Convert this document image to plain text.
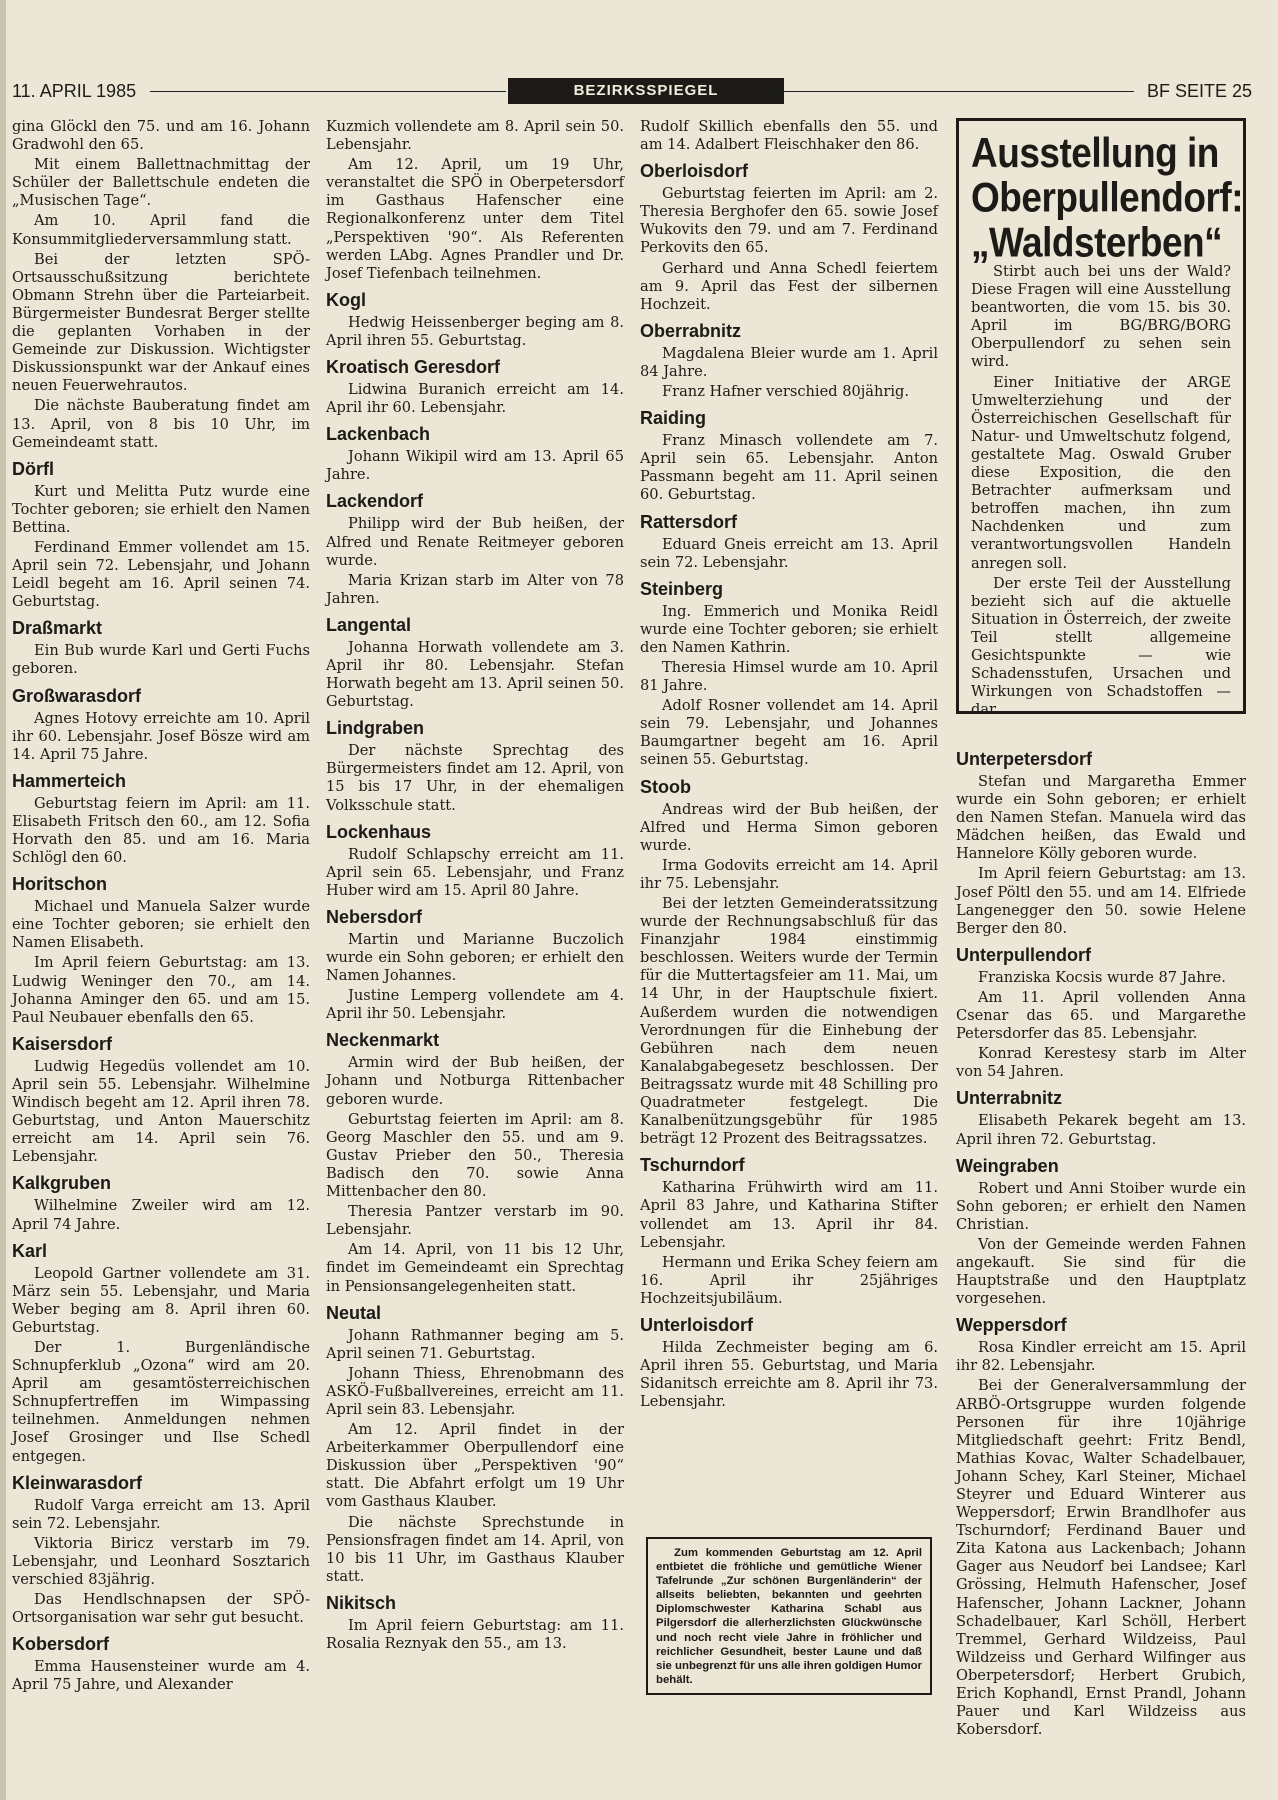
11. APRIL 1985	BEZIRKSSPIEGEL	BF SEITE 25

gina Glöckl den 75. und am 16. Johann Gradwohl den 65.

Mit einem Ballettnachmittag der Schüler der Ballettschule endeten die „Musischen Tage“.

Am 10. April fand die Konsummitgliederversammlung statt.

Bei der letzten SPÖ-Ortsausschußsitzung berichtete Obmann Strehn über die Parteiarbeit. Bürgermeister Bundesrat Berger stellte die geplanten Vorhaben in der Gemeinde zur Diskussion. Wichtigster Diskussionspunkt war der Ankauf eines neuen Feuerwehrautos.

Die nächste Bauberatung findet am 13. April, von 8 bis 10 Uhr, im Gemeindeamt statt.

Dörfl

Kurt und Melitta Putz wurde eine Tochter geboren; sie erhielt den Namen Bettina.

Ferdinand Emmer vollendet am 15. April sein 72. Lebensjahr, und Johann Leidl begeht am 16. April seinen 74. Geburtstag.

Draßmarkt

Ein Bub wurde Karl und Gerti Fuchs geboren.

Großwarasdorf

Agnes Hotovy erreichte am 10. April ihr 60. Lebensjahr. Josef Bösze wird am 14. April 75 Jahre.

Hammerteich

Geburtstag feiern im April: am 11. Elisabeth Fritsch den 60., am 12. Sofia Horvath den 85. und am 16. Maria Schlögl den 60.

Horitschon

Michael und Manuela Salzer wurde eine Tochter geboren; sie erhielt den Namen Elisabeth.

Im April feiern Geburtstag: am 13. Ludwig Weninger den 70., am 14. Johanna Aminger den 65. und am 15. Paul Neubauer ebenfalls den 65.

Kaisersdorf

Ludwig Hegedüs vollendet am 10. April sein 55. Lebensjahr. Wilhelmine Windisch begeht am 12. April ihren 78. Geburtstag, und Anton Mauerschitz erreicht am 14. April sein 76. Lebensjahr.

Kalkgruben

Wilhelmine Zweiler wird am 12. April 74 Jahre.

Karl

Leopold Gartner vollendete am 31. März sein 55. Lebensjahr, und Maria Weber beging am 8. April ihren 60. Geburtstag.

Der 1. Burgenländische Schnupferklub „Ozona“ wird am 20. April am gesamtösterreichischen Schnupfertreffen im Wimpassing teilnehmen. Anmeldungen nehmen Josef Grosinger und Ilse Schedl entgegen.

Kleinwarasdorf

Rudolf Varga erreicht am 13. April sein 72. Lebensjahr.

Viktoria Biricz verstarb im 79. Lebensjahr, und Leonhard Sosztarich verschied 83jährig.

Das Hendlschnapsen der SPÖ-Ortsorganisation war sehr gut besucht.

Kobersdorf

Emma Hausensteiner wurde am 4. April 75 Jahre, und Alexander

Kuzmich vollendete am 8. April sein 50. Lebensjahr.

Am 12. April, um 19 Uhr, veranstaltet die SPÖ in Oberpetersdorf im Gasthaus Hafenscher eine Regionalkonferenz unter dem Titel „Perspektiven '90“. Als Referenten werden LAbg. Agnes Prandler und Dr. Josef Tiefenbach teilnehmen.

Kogl

Hedwig Heissenberger beging am 8. April ihren 55. Geburtstag.

Kroatisch Geresdorf

Lidwina Buranich erreicht am 14. April ihr 60. Lebensjahr.

Lackenbach

Johann Wikipil wird am 13. April 65 Jahre.

Lackendorf

Philipp wird der Bub heißen, der Alfred und Renate Reitmeyer geboren wurde.

Maria Krizan starb im Alter von 78 Jahren.

Langental

Johanna Horwath vollendete am 3. April ihr 80. Lebensjahr. Stefan Horwath begeht am 13. April seinen 50. Geburtstag.

Lindgraben

Der nächste Sprechtag des Bürgermeisters findet am 12. April, von 15 bis 17 Uhr, in der ehemaligen Volksschule statt.

Lockenhaus

Rudolf Schlapschy erreicht am 11. April sein 65. Lebensjahr, und Franz Huber wird am 15. April 80 Jahre.

Nebersdorf

Martin und Marianne Buczolich wurde ein Sohn geboren; er erhielt den Namen Johannes.

Justine Lemperg vollendete am 4. April ihr 50. Lebensjahr.

Neckenmarkt

Armin wird der Bub heißen, der Johann und Notburga Rittenbacher geboren wurde.

Geburtstag feierten im April: am 8. Georg Maschler den 55. und am 9. Gustav Prieber den 50., Theresia Badisch den 70. sowie Anna Mittenbacher den 80.

Theresia Pantzer verstarb im 90. Lebensjahr.

Am 14. April, von 11 bis 12 Uhr, findet im Gemeindeamt ein Sprechtag in Pensionsangelegenheiten statt.

Neutal

Johann Rathmanner beging am 5. April seinen 71. Geburtstag.

Johann Thiess, Ehrenobmann des ASKÖ-Fußballvereines, erreicht am 11. April sein 83. Lebensjahr.

Am 12. April findet in der Arbeiterkammer Oberpullendorf eine Diskussion über „Perspektiven '90“ statt. Die Abfahrt erfolgt um 19 Uhr vom Gasthaus Klauber.

Die nächste Sprechstunde in Pensionsfragen findet am 14. April, von 10 bis 11 Uhr, im Gasthaus Klauber statt.

Nikitsch

Im April feiern Geburtstag: am 11. Rosalia Reznyak den 55., am 13.

Rudolf Skillich ebenfalls den 55. und am 14. Adalbert Fleischhaker den 86.

Oberloisdorf

Geburtstag feierten im April: am 2. Theresia Berghofer den 65. sowie Josef Wukovits den 79. und am 7. Ferdinand Perkovits den 65.

Gerhard und Anna Schedl feiertem am 9. April das Fest der silbernen Hochzeit.

Oberrabnitz

Magdalena Bleier wurde am 1. April 84 Jahre.

Franz Hafner verschied 80jährig.

Raiding

Franz Minasch vollendete am 7. April sein 65. Lebensjahr. Anton Passmann begeht am 11. April seinen 60. Geburtstag.

Rattersdorf

Eduard Gneis erreicht am 13. April sein 72. Lebensjahr.

Steinberg

Ing. Emmerich und Monika Reidl wurde eine Tochter geboren; sie erhielt den Namen Kathrin.

Theresia Himsel wurde am 10. April 81 Jahre.

Adolf Rosner vollendet am 14. April sein 79. Lebensjahr, und Johannes Baumgartner begeht am 16. April seinen 55. Geburtstag.

Stoob

Andreas wird der Bub heißen, der Alfred und Herma Simon geboren wurde.

Irma Godovits erreicht am 14. April ihr 75. Lebensjahr.

Bei der letzten Gemeinderatssitzung wurde der Rechnungsabschluß für das Finanzjahr 1984 einstimmig beschlossen. Weiters wurde der Termin für die Muttertagsfeier am 11. Mai, um 14 Uhr, in der Hauptschule fixiert. Außerdem wurden die notwendigen Verordnungen für die Einhebung der Gebühren nach dem neuen Kanalabgabegesetz beschlossen. Der Beitragssatz wurde mit 48 Schilling pro Quadratmeter festgelegt. Die Kanalbenützungsgebühr für 1985 beträgt 12 Prozent des Beitragssatzes.

Tschurndorf

Katharina Frühwirth wird am 11. April 83 Jahre, und Katharina Stifter vollendet am 13. April ihr 84. Lebensjahr.

Hermann und Erika Schey feiern am 16. April ihr 25jähriges Hochzeitsjubiläum.

Unterloisdorf

Hilda Zechmeister beging am 6. April ihren 55. Geburtstag, und Maria Sidanitsch erreichte am 8. April ihr 73. Lebensjahr.

Zum kommenden Geburtstag am 12. April entbietet die fröhliche und gemütliche Wiener Tafelrunde „Zur schönen Burgenländerin“ der allseits beliebten, bekannten und geehrten Diplomschwester Katharina Schabl aus Pilgersdorf die allerherzlichsten Glückwünsche und noch recht viele Jahre in fröhlicher und reichlicher Gesundheit, bester Laune und daß sie unbegrenzt für uns alle ihren goldigen Humor behält.
Ausstellung in
Oberpullendorf:
„Waldsterben“

Stirbt auch bei uns der Wald? Diese Fragen will eine Ausstellung beantworten, die vom 15. bis 30. April im BG/BRG/BORG Oberpullendorf zu sehen sein wird.

Einer Initiative der ARGE Umwelterziehung und der Österreichischen Gesellschaft für Natur- und Umweltschutz folgend, gestaltete Mag. Oswald Gruber diese Exposition, die den Betrachter aufmerksam und betroffen machen, ihn zum Nachdenken und zum verantwortungsvollen Handeln anregen soll.

Der erste Teil der Ausstellung bezieht sich auf die aktuelle Situation in Österreich, der zweite Teil stellt allgemeine Gesichtspunkte — wie Schadensstufen, Ursachen und Wirkungen von Schadstoffen — dar.

Unterpetersdorf

Stefan und Margaretha Emmer wurde ein Sohn geboren; er erhielt den Namen Stefan. Manuela wird das Mädchen heißen, das Ewald und Hannelore Kölly geboren wurde.

Im April feiern Geburtstag: am 13. Josef Pöltl den 55. und am 14. Elfriede Langenegger den 50. sowie Helene Berger den 80.

Unterpullendorf

Franziska Kocsis wurde 87 Jahre.

Am 11. April vollenden Anna Csenar das 65. und Margarethe Petersdorfer das 85. Lebensjahr.

Konrad Kerestesy starb im Alter von 54 Jahren.

Unterrabnitz

Elisabeth Pekarek begeht am 13. April ihren 72. Geburtstag.

Weingraben

Robert und Anni Stoiber wurde ein Sohn geboren; er erhielt den Namen Christian.

Von der Gemeinde werden Fahnen angekauft. Sie sind für die Hauptstraße und den Hauptplatz vorgesehen.

Weppersdorf

Rosa Kindler erreicht am 15. April ihr 82. Lebensjahr.

Bei der Generalversammlung der ARBÖ-Ortsgruppe wurden folgende Personen für ihre 10jährige Mitgliedschaft geehrt: Fritz Bendl, Mathias Kovac, Walter Schadelbauer, Johann Schey, Karl Steiner, Michael Steyrer und Eduard Winterer aus Weppersdorf; Erwin Brandlhofer aus Tschurndorf; Ferdinand Bauer und Zita Katona aus Lackenbach; Johann Gager aus Neudorf bei Landsee; Karl Grössing, Helmuth Hafenscher, Josef Hafenscher, Johann Lackner, Johann Schadelbauer, Karl Schöll, Herbert Tremmel, Gerhard Wildzeiss, Paul Wildzeiss und Gerhard Wilfinger aus Oberpetersdorf; Herbert Grubich, Erich Kophandl, Ernst Prandl, Johann Pauer und Karl Wildzeiss aus Kobersdorf.
